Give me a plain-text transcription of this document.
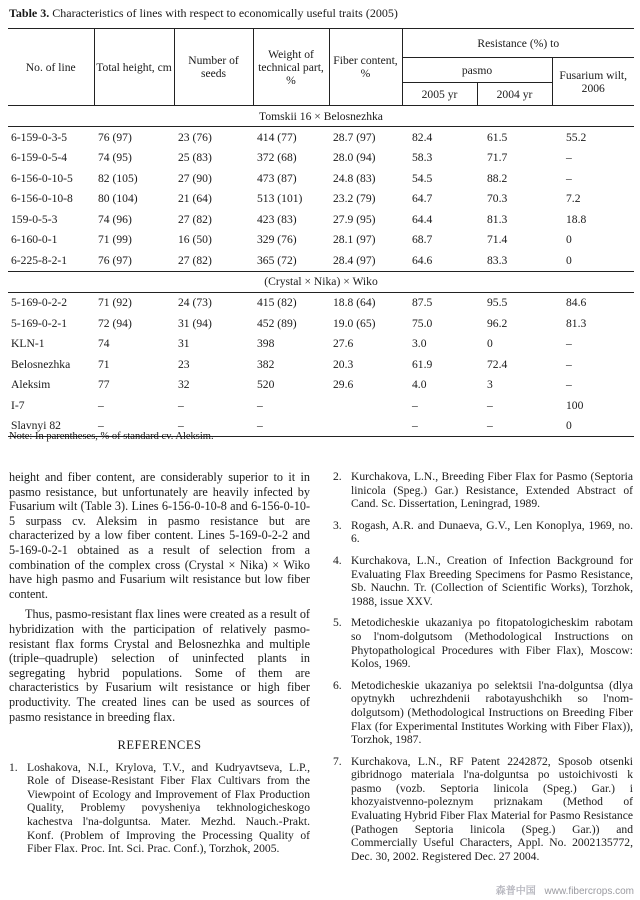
Table 3. Characteristics of lines with respect to economically useful traits (2005)
No. of line	Total height, cm	Number of seeds	Weight of technical part, %	Fiber content, %	Resistance (%) to		
					pasmo		Fusarium wilt, 2006
					2005 yr	2004 yr	
Tomskii 16 × Belosnezhka							
6-159-0-3-5	76 (97)	23 (76)	414 (77)	28.7 (97)	82.4	61.5	55.2
6-159-0-5-4	74 (95)	25 (83)	372 (68)	28.0 (94)	58.3	71.7	–
6-156-0-10-5	82 (105)	27 (90)	473 (87)	24.8 (83)	54.5	88.2	–
6-156-0-10-8	80 (104)	21 (64)	513 (101)	23.2 (79)	64.7	70.3	7.2
159-0-5-3	74 (96)	27 (82)	423 (83)	27.9 (95)	64.4	81.3	18.8
6-160-0-1	71 (99)	16 (50)	329 (76)	28.1 (97)	68.7	71.4	0
6-225-8-2-1	76 (97)	27 (82)	365 (72)	28.4 (97)	64.6	83.3	0
(Crystal × Nika) × Wiko							
5-169-0-2-2	71 (92)	24 (73)	415 (82)	18.8 (64)	87.5	95.5	84.6
5-169-0-2-1	72 (94)	31 (94)	452 (89)	19.0 (65)	75.0	96.2	81.3
KLN-1	74	31	398	27.6	3.0	0	–
Belosnezhka	71	23	382	20.3	61.9	72.4	–
Aleksim	77	32	520	29.6	4.0	3	–
I-7	–	–	–		–	–	100
Slavnyi 82	–	–	–		–	–	0

Note: In parentheses, % of standard cv. Aleksim.

height and fiber content, are considerably superior to it in pasmo resistance, but unfortunately are heavily infected by Fusarium wilt (Table 3). Lines 6-156-0-10-8 and 6-156-0-10-5 surpass cv. Aleksim in pasmo resistance but are characterized by a low fiber content. Lines 5-169-0-2-2 and 5-169-0-2-1 obtained as a result of selection from a combination of the complex cross (Crystal × Nika) × Wiko have high pasmo and Fusarium wilt resistance but low fiber content.

Thus, pasmo-resistant flax lines were created as a result of hybridization with the participation of relatively pasmo-resistant flax forms Crystal and Belosnezhka and multiple (triple–quadruple) selection of uninfected plants in segregating hybrid populations. Some of them are characteristics by Fusarium wilt resistance or high fiber productivity. The created lines can be used as sources of pasmo resistance in breeding flax.

REFERENCES

1. Loshakova, N.I., Krylova, T.V., and Kudryavtseva, L.P., Role of Disease-Resistant Fiber Flax Cultivars from the Viewpoint of Ecology and Improvement of Flax Production Quality, Problemy povysheniya tekhnologicheskogo kachestva l'na-dolguntsa. Mater. Mezhd. Nauch.-Prakt. Konf. (Problem of Improving the Processing Quality of Fiber Flax. Proc. Int. Sci. Prac. Conf.), Torzhok, 2005.

2. Kurchakova, L.N., Breeding Fiber Flax for Pasmo (Septoria linicola (Speg.) Gar.) Resistance, Extended Abstract of Cand. Sc. Dissertation, Leningrad, 1989.

3. Rogash, A.R. and Dunaeva, G.V., Len Konoplya, 1969, no. 6.

4. Kurchakova, L.N., Creation of Infection Background for Evaluating Flax Breeding Specimens for Pasmo Resistance, Sb. Nauchn. Tr. (Collection of Scientific Works), Torzhok, 1988, issue XXV.

5. Metodicheskie ukazaniya po fitopatologicheskim rabotam so l'nom-dolgutsom (Methodological Instructions on Phytopathological Procedures with Fiber Flax), Moscow: Kolos, 1969.

6. Metodicheskie ukazaniya po selektsii l'na-dolguntsa (dlya opytnykh uchrezhdenii rabotayushchikh so l'nom-dolgutsom) (Methodological Instructions on Breeding Fiber Flax (for Experimental Institutes Working with Fiber Flax)), Torzhok, 1987.

7. Kurchakova, L.N., RF Patent 2242872, Sposob otsenki gibridnogo materiala l'na-dolguntsa po ustoichivosti k pasmo (vozb. Septoria linicola (Speg.) Gar.) i khozyaistvenno-poleznym priznakam (Method of Evaluating Hybrid Fiber Flax Material for Pasmo Resistance (Pathogen Septoria linicola (Speg.) Gar.)) and Commercially Useful Characters, Appl. No. 2002135772, Dec. 30, 2002. Registered Dec. 27 2004.

森普中国 www.fibercrops.com
